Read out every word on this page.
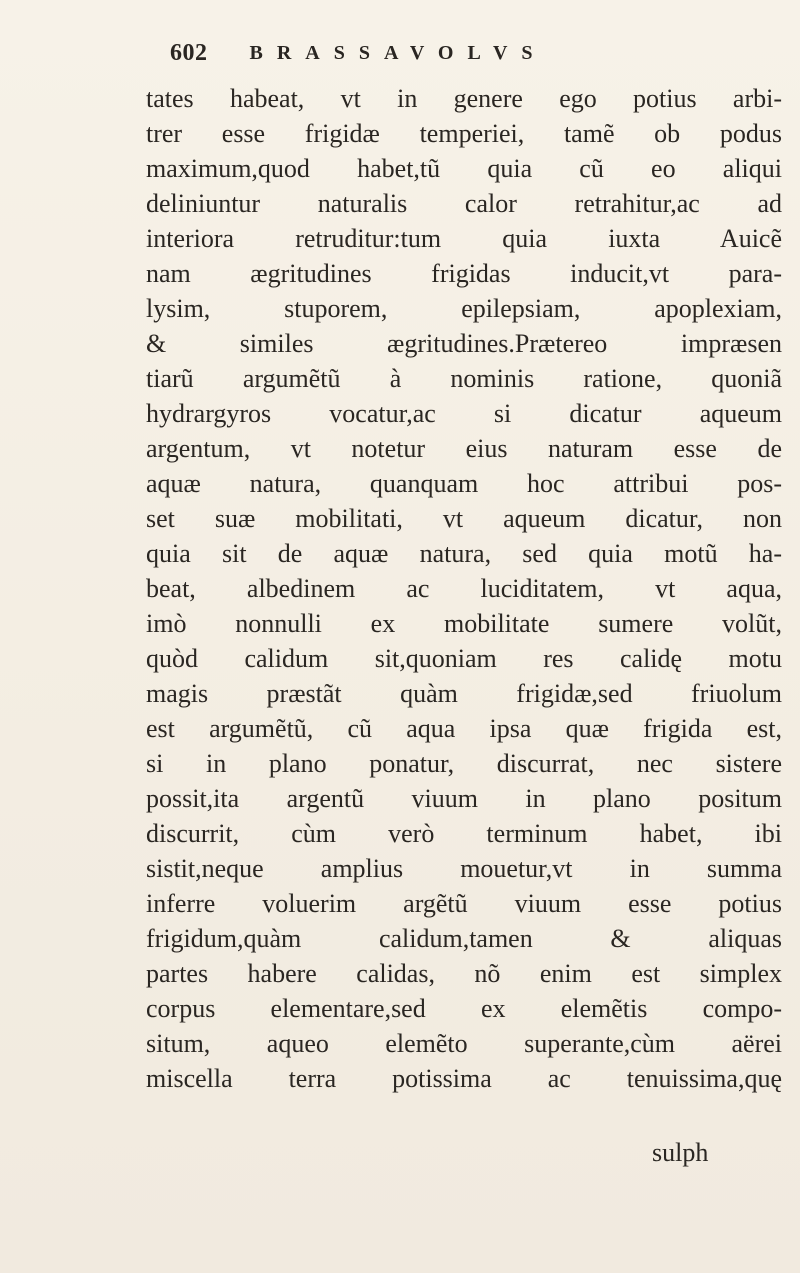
602 BRASSAVOLVS
tates habeat, vt in genere ego potius arbi-
trer esse frigidæ temperiei, tamẽ ob podus
maximum,quod habet,tũ quia cũ eo aliqui
deliniuntur naturalis calor retrahitur,ac ad
interiora retruditur:tum quia iuxta Auicẽ
nam ægritudines frigidas inducit,vt para-
lysim, stuporem, epilepsiam, apoplexiam,
& similes ægritudines.Prætereo impræsen
tiarũ argumẽtũ à nominis ratione, quoniã
hydrargyros vocatur,ac si dicatur aqueum
argentum, vt notetur eius naturam esse de
aquæ natura, quanquam hoc attribui pos-
set suæ mobilitati, vt aqueum dicatur, non
quia sit de aquæ natura, sed quia motũ ha-
beat, albedinem ac luciditatem, vt aqua,
imò nonnulli ex mobilitate sumere volũt,
quòd calidum sit,quoniam res calidę motu
magis præstãt quàm frigidæ,sed friuolum
est argumẽtũ, cũ aqua ipsa quæ frigida est,
si in plano ponatur, discurrat, nec sistere
possit,ita argentũ viuum in plano positum
discurrit, cùm verò terminum habet, ibi
sistit,neque amplius mouetur,vt in summa
inferre voluerim argẽtũ viuum esse potius
frigidum,quàm calidum,tamen & aliquas
partes habere calidas, nõ enim est simplex
corpus elementare,sed ex elemẽtis compo-
situm, aqueo elemẽto superante,cùm aërei
miscella terra potissima ac tenuissima,quę
sulph
